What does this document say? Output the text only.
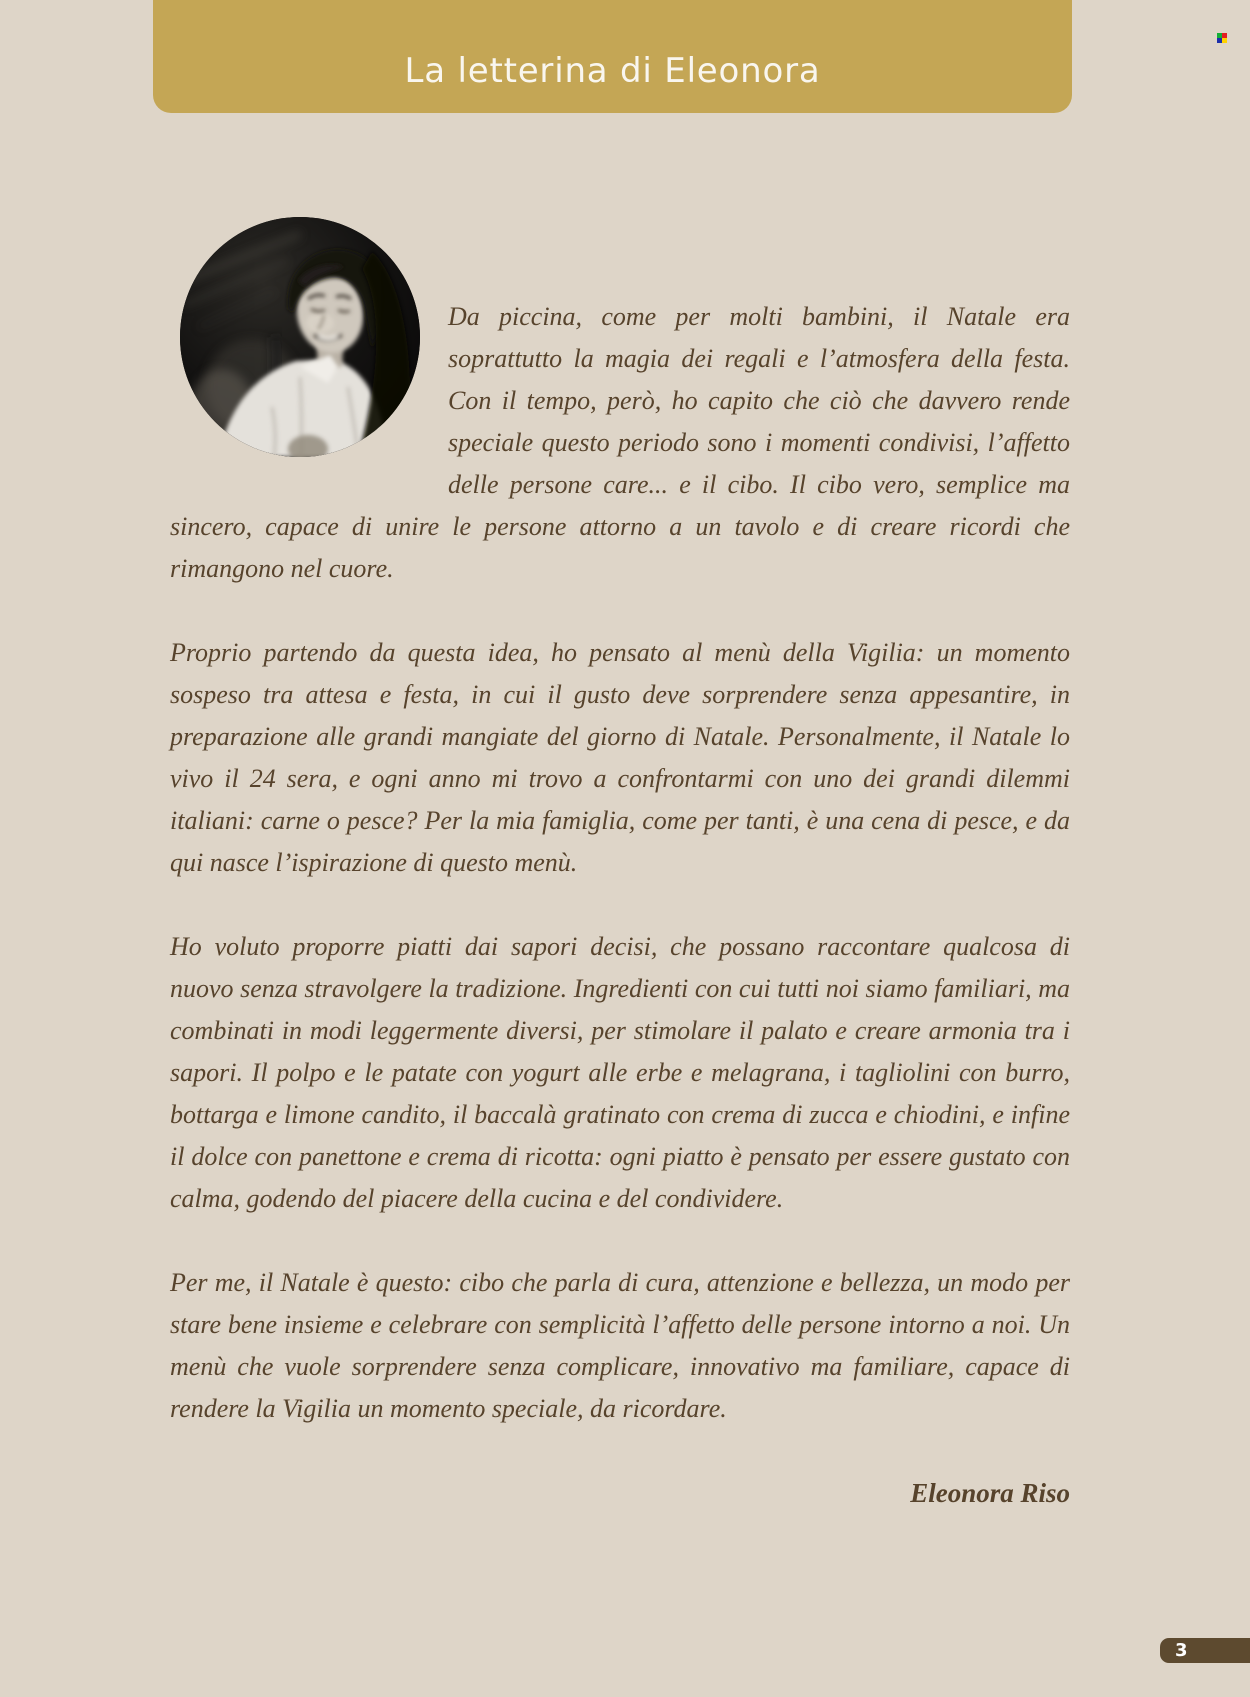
La letterina di Eleonora

Da piccina, come per molti bambini, il Natale era soprattutto la magia dei regali e l’atmosfera della festa. Con il tempo, però, ho capito che ciò che davvero rende speciale questo periodo sono i momenti condivisi, l’affetto delle persone care... e il cibo. Il cibo vero, semplice ma sincero, capace di unire le persone attorno a un tavolo e di creare ricordi che rimangono nel cuore.

Proprio partendo da questa idea, ho pensato al menù della Vigilia: un momento sospeso tra attesa e festa, in cui il gusto deve sorprendere senza appesantire, in preparazione alle grandi mangiate del giorno di Natale. Personalmente, il Natale lo vivo il 24 sera, e ogni anno mi trovo a confrontarmi con uno dei grandi dilemmi italiani: carne o pesce? Per la mia famiglia, come per tanti, è una cena di pesce, e da qui nasce l’ispirazione di questo menù.

Ho voluto proporre piatti dai sapori decisi, che possano raccontare qualcosa di nuovo senza stravolgere la tradizione. Ingredienti con cui tutti noi siamo familiari, ma combinati in modi leggermente diversi, per stimolare il palato e creare armonia tra i sapori. Il polpo e le patate con yogurt alle erbe e melagrana, i tagliolini con burro, bottarga e limone candito, il baccalà gratinato con crema di zucca e chiodini, e infine il dolce con panettone e crema di ricotta: ogni piatto è pensato per essere gustato con calma, godendo del piacere della cucina e del condividere.

Per me, il Natale è questo: cibo che parla di cura, attenzione e bellezza, un modo per stare bene insieme e celebrare con semplicità l’affetto delle persone intorno a noi. Un menù che vuole sorprendere senza complicare, innovativo ma familiare, capace di rendere la Vigilia un momento speciale, da ricordare.

Eleonora Riso
3
